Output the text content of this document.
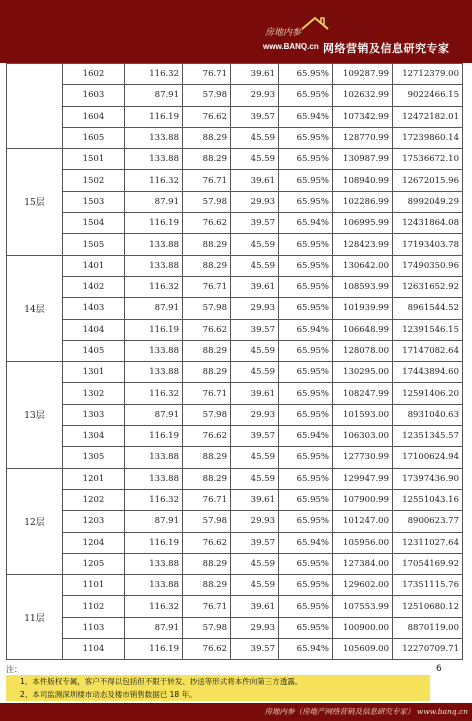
房地内参
www.BANQ.cn 网络营销及信息研究专家
	1602	116.32	76.71	39.61	65.95%	109287.99	12712379.00
	1603	87.91	57.98	29.93	65.95%	102632.99	9022466.15
	1604	116.19	76.62	39.57	65.94%	107342.99	12472182.01
	1605	133.88	88.29	45.59	65.95%	128770.99	17239860.14
15层	1501	133.88	88.29	45.59	65.95%	130987.99	17536672.10
	1502	116.32	76.71	39.61	65.95%	108940.99	12672015.96
	1503	87.91	57.98	29.93	65.95%	102286.99	8992049.29
	1504	116.19	76.62	39.57	65.94%	106995.99	12431864.08
	1505	133.88	88.29	45.59	65.95%	128423.99	17193403.78
14层	1401	133.88	88.29	45.59	65.95%	130642.00	17490350.96
	1402	116.32	76.71	39.61	65.95%	108593.99	12631652.92
	1403	87.91	57.98	29.93	65.95%	101939.99	8961544.52
	1404	116.19	76.62	39.57	65.94%	106648.99	12391546.15
	1405	133.88	88.29	45.59	65.95%	128078.00	17147082.64
13层	1301	133.88	88.29	45.59	65.95%	130295.00	17443894.60
	1302	116.32	76.71	39.61	65.95%	108247.99	12591406.20
	1303	87.91	57.98	29.93	65.95%	101593.00	8931040.63
	1304	116.19	76.62	39.57	65.94%	106303.00	12351345.57
	1305	133.88	88.29	45.59	65.95%	127730.99	17100624.94
12层	1201	133.88	88.29	45.59	65.95%	129947.99	17397436.90
	1202	116.32	76.71	39.61	65.95%	107900.99	12551043.16
	1203	87.91	57.98	29.93	65.95%	101247.00	8900623.77
	1204	116.19	76.62	39.57	65.94%	105956.00	12311027.64
	1205	133.88	88.29	45.59	65.95%	127384.00	17054169.92
11层	1101	133.88	88.29	45.59	65.95%	129602.00	17351115.76
	1102	116.32	76.71	39.61	65.95%	107553.99	12510680.12
	1103	87.91	57.98	29.93	65.95%	100900.00	8870119.00
	1104	116.19	76.62	39.57	65.94%	105609.00	12270709.71
注：	6
1、本件版权专属，客户不得以包括但不限于转发、抄送等形式将本件向第三方透露。
2、本司监测深圳楼市动态及楼市销售数据已 18 年。
房地内参（房地产网络营销及信息研究专家） www.banq.cn
